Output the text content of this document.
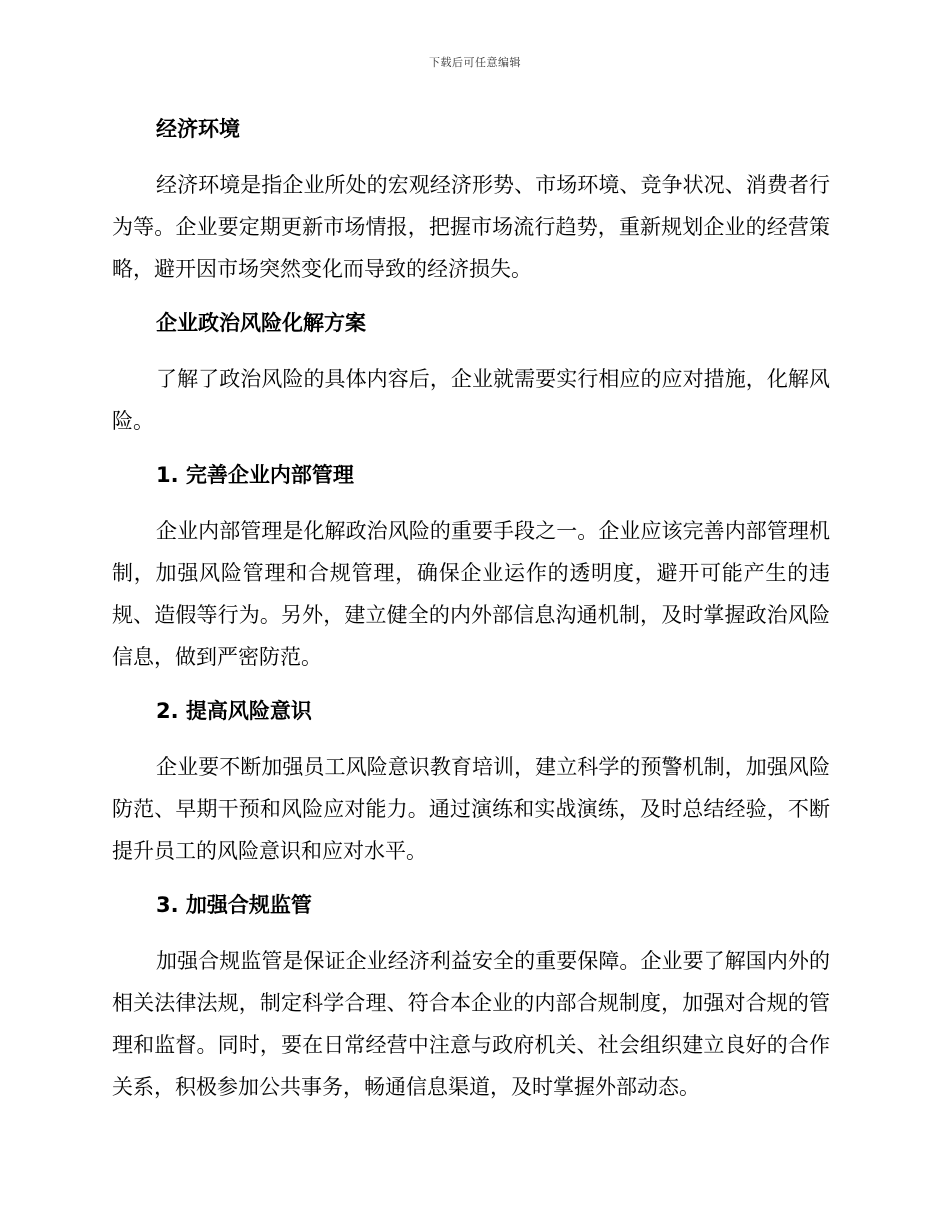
下载后可任意编辑
经济环境

经济环境是指企业所处的宏观经济形势、市场环境、竞争状况、消费者行为等。企业要定期更新市场情报，把握市场流行趋势，重新规划企业的经营策略，避开因市场突然变化而导致的经济损失。

企业政治风险化解方案

了解了政治风险的具体内容后，企业就需要实行相应的应对措施，化解风险。

1. 完善企业内部管理

企业内部管理是化解政治风险的重要手段之一。企业应该完善内部管理机制，加强风险管理和合规管理，确保企业运作的透明度，避开可能产生的违规、造假等行为。另外，建立健全的内外部信息沟通机制，及时掌握政治风险信息，做到严密防范。

2. 提高风险意识

企业要不断加强员工风险意识教育培训，建立科学的预警机制，加强风险防范、早期干预和风险应对能力。通过演练和实战演练，及时总结经验，不断提升员工的风险意识和应对水平。

3. 加强合规监管

加强合规监管是保证企业经济利益安全的重要保障。企业要了解国内外的相关法律法规，制定科学合理、符合本企业的内部合规制度，加强对合规的管理和监督。同时，要在日常经营中注意与政府机关、社会组织建立良好的合作关系，积极参加公共事务，畅通信息渠道，及时掌握外部动态。
